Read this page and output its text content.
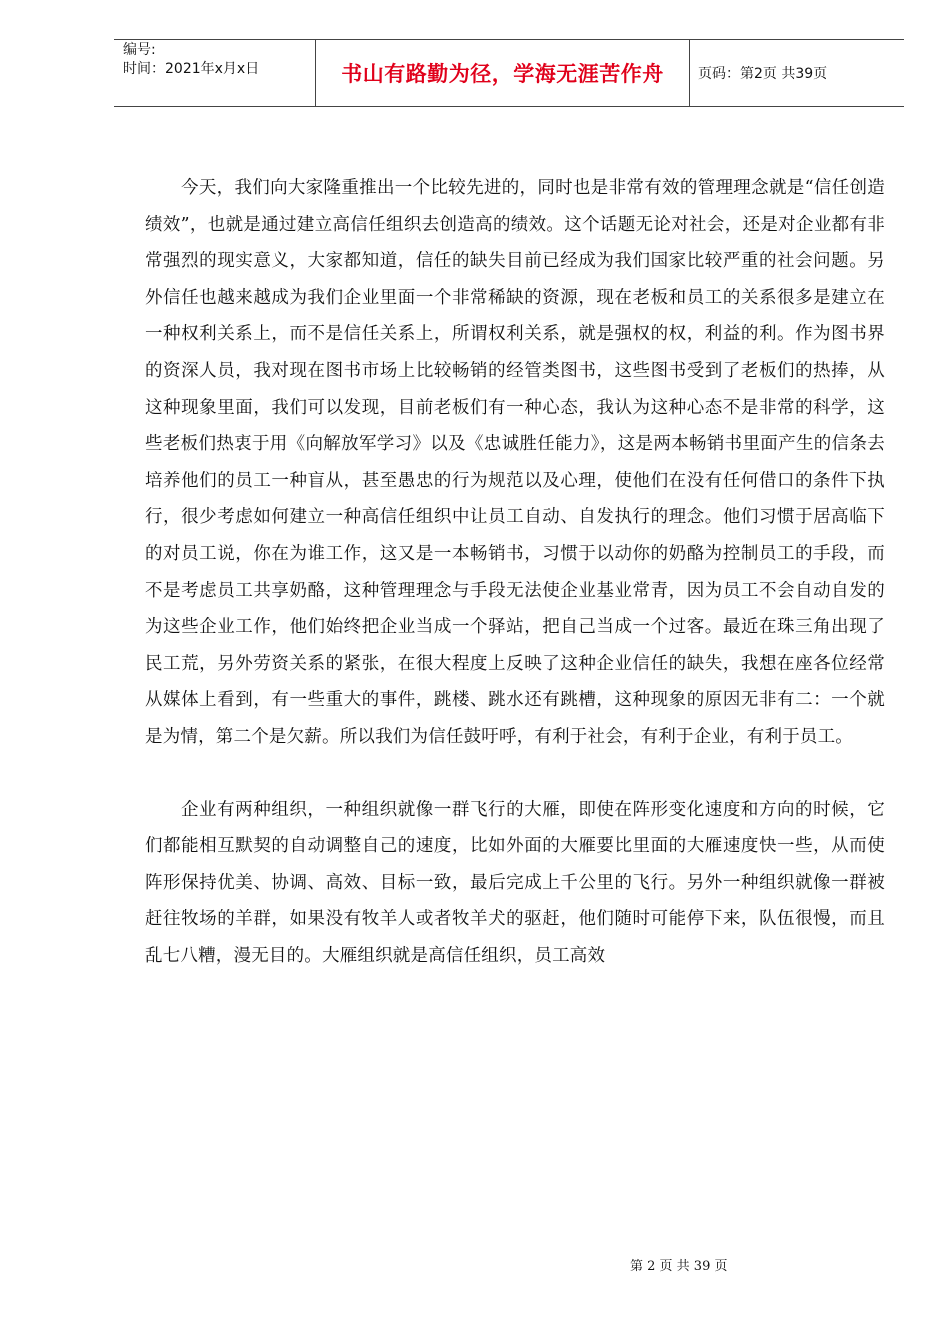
编号:
时间：2021年x月x日	书山有路勤为径，学海无涯苦作舟 页码：第2页 共39页

今天，我们向大家隆重推出一个比较先进的，同时也是非常有效的管理理念就是“信任创造绩效”，也就是通过建立高信任组织去创造高的绩效。这个话题无论对社会，还是对企业都有非常强烈的现实意义，大家都知道，信任的缺失目前已经成为我们国家比较严重的社会问题。另外信任也越来越成为我们企业里面一个非常稀缺的资源，现在老板和员工的关系很多是建立在一种权利关系上，而不是信任关系上，所谓权利关系，就是强权的权，利益的利。作为图书界的资深人员，我对现在图书市场上比较畅销的经管类图书，这些图书受到了老板们的热捧，从这种现象里面，我们可以发现，目前老板们有一种心态，我认为这种心态不是非常的科学，这些老板们热衷于用《向解放军学习》以及《忠诚胜任能力》，这是两本畅销书里面产生的信条去培养他们的员工一种盲从，甚至愚忠的行为规范以及心理，使他们在没有任何借口的条件下执行，很少考虑如何建立一种高信任组织中让员工自动、自发执行的理念。他们习惯于居高临下的对员工说，你在为谁工作，这又是一本畅销书，习惯于以动你的奶酪为控制员工的手段，而不是考虑员工共享奶酪，这种管理理念与手段无法使企业基业常青，因为员工不会自动自发的为这些企业工作，他们始终把企业当成一个驿站，把自己当成一个过客。最近在珠三角出现了民工荒，另外劳资关系的紧张，在很大程度上反映了这种企业信任的缺失，我想在座各位经常从媒体上看到，有一些重大的事件，跳楼、跳水还有跳槽，这种现象的原因无非有二：一个就是为情，第二个是欠薪。所以我们为信任鼓吁呼，有利于社会，有利于企业，有利于员工。

企业有两种组织，一种组织就像一群飞行的大雁，即使在阵形变化速度和方向的时候，它们都能相互默契的自动调整自己的速度，比如外面的大雁要比里面的大雁速度快一些，从而使阵形保持优美、协调、高效、目标一致，最后完成上千公里的飞行。另外一种组织就像一群被赶往牧场的羊群，如果没有牧羊人或者牧羊犬的驱赶，他们随时可能停下来，队伍很慢，而且乱七八糟，漫无目的。大雁组织就是高信任组织，员工高效

第 2 页 共 39 页
